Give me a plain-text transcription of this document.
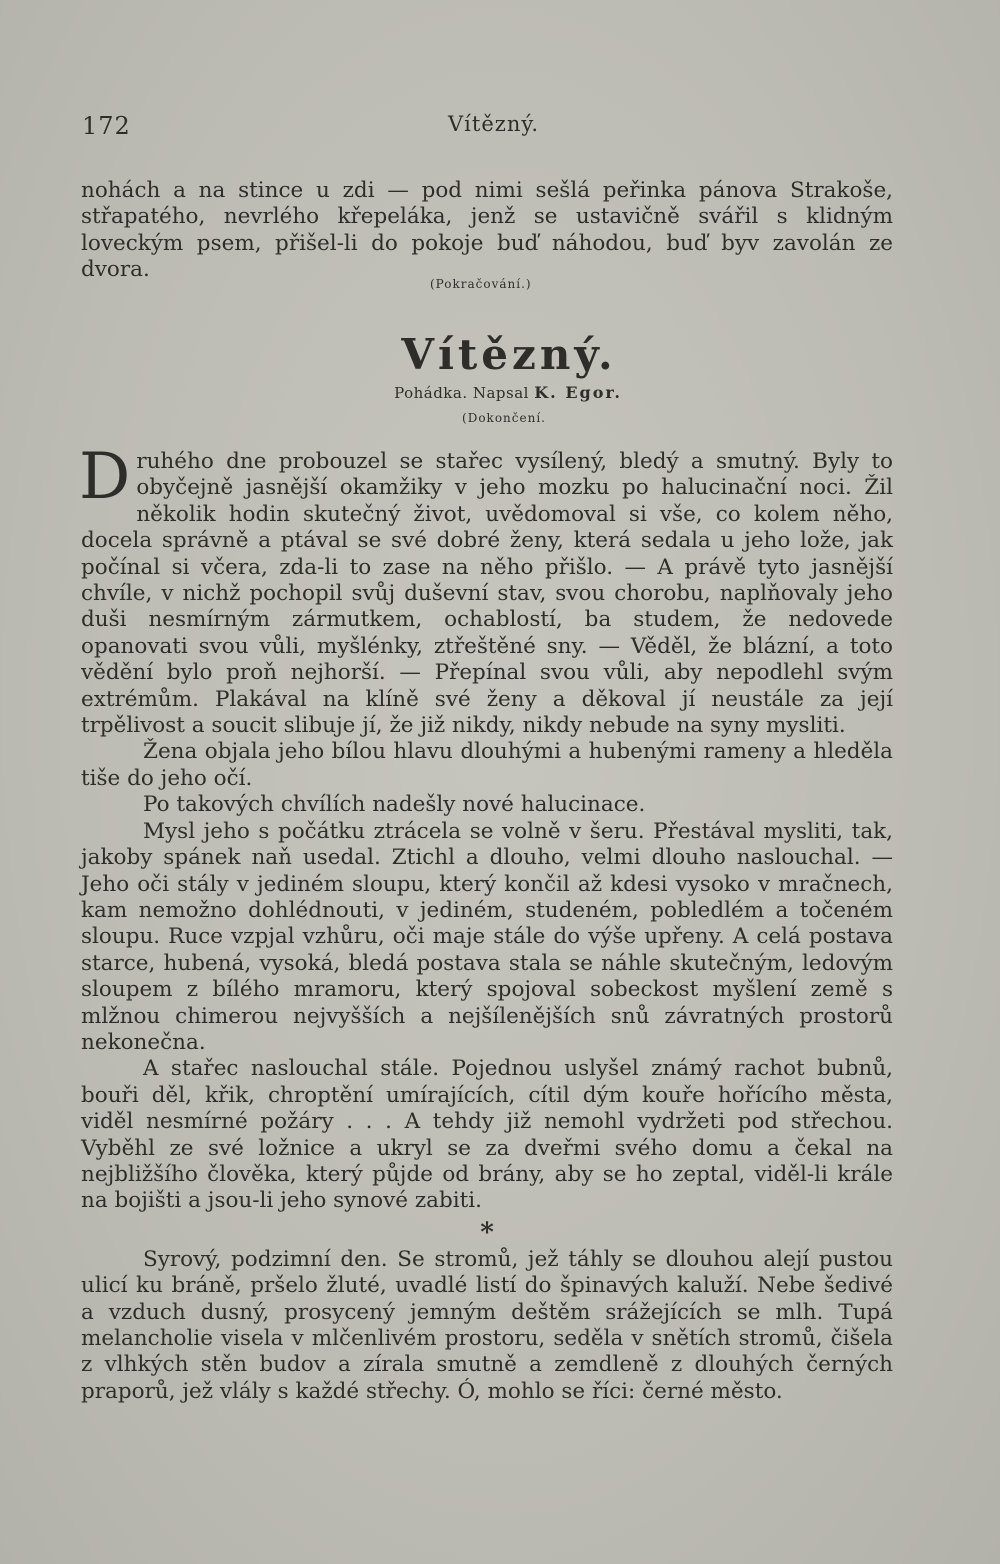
172	Vítězný.

nohách a na stince u zdi — pod nimi sešlá peřinka pánova Strakoše, střapatého, nevrlého křepeláka, jenž se ustavičně svářil s klidným loveckým psem, přišel-li do pokoje buď náhodou, buď byv zavolán ze dvora.

(Pokračování.)
Vítězný.
Pohádka. Napsal K. Egor.
(Dokončení.

Druhého dne probouzel se stařec vysílený, bledý a smutný. Byly to obyčejně jasnější okamžiky v jeho mozku po halucinační noci. Žil několik hodin skutečný život, uvědomoval si vše, co kolem něho, docela správně a ptával se své dobré ženy, která sedala u jeho lože, jak počínal si včera, zda-li to zase na něho přišlo. — A právě tyto jasnější chvíle, v nichž pochopil svůj duševní stav, svou chorobu, naplňovaly jeho duši nesmírným zármutkem, ochablostí, ba studem, že nedovede opanovati svou vůli, myšlénky, ztřeštěné sny. — Věděl, že blázní, a toto vědění bylo proň nejhorší. — Přepínal svou vůli, aby nepodlehl svým extrémům. Plakával na klíně své ženy a děkoval jí neustále za její trpělivost a soucit slibuje jí, že již nikdy, nikdy nebude na syny mysliti.

Žena objala jeho bílou hlavu dlouhými a hubenými rameny a hleděla tiše do jeho očí.

Po takových chvílích nadešly nové halucinace.

Mysl jeho s počátku ztrácela se volně v šeru. Přestával mysliti, tak, jakoby spánek naň usedal. Ztichl a dlouho, velmi dlouho naslouchal. — Jeho oči stály v jediném sloupu, který končil až kdesi vysoko v mračnech, kam nemožno dohlédnouti, v jediném, studeném, pobledlém a točeném sloupu. Ruce vzpjal vzhůru, oči maje stále do výše upřeny. A celá postava starce, hubená, vysoká, bledá postava stala se náhle skutečným, ledovým sloupem z bílého mramoru, který spojoval sobeckost myšlení země s mlžnou chimerou nejvyšších a nejšílenějších snů závratných prostorů nekonečna.

A stařec naslouchal stále. Pojednou uslyšel známý rachot bubnů, bouři děl, křik, chroptění umírajících, cítil dým kouře hořícího města, viděl nesmírné požáry . . . A tehdy již nemohl vydržeti pod střechou. Vyběhl ze své ložnice a ukryl se za dveřmi svého domu a čekal na nejbližšího člověka, který půjde od brány, aby se ho zeptal, viděl-li krále na bojišti a jsou-li jeho synové zabiti.

*

Syrový, podzimní den. Se stromů, jež táhly se dlouhou alejí pustou ulicí ku bráně, pršelo žluté, uvadlé listí do špinavých kaluží. Nebe šedivé a vzduch dusný, prosycený jemným deštěm srážejících se mlh. Tupá melancholie visela v mlčenlivém prostoru, seděla v snětích stromů, čišela z vlhkých stěn budov a zírala smutně a zemdleně z dlouhých černých praporů, jež vlály s každé střechy. Ó, mohlo se říci: černé město.
